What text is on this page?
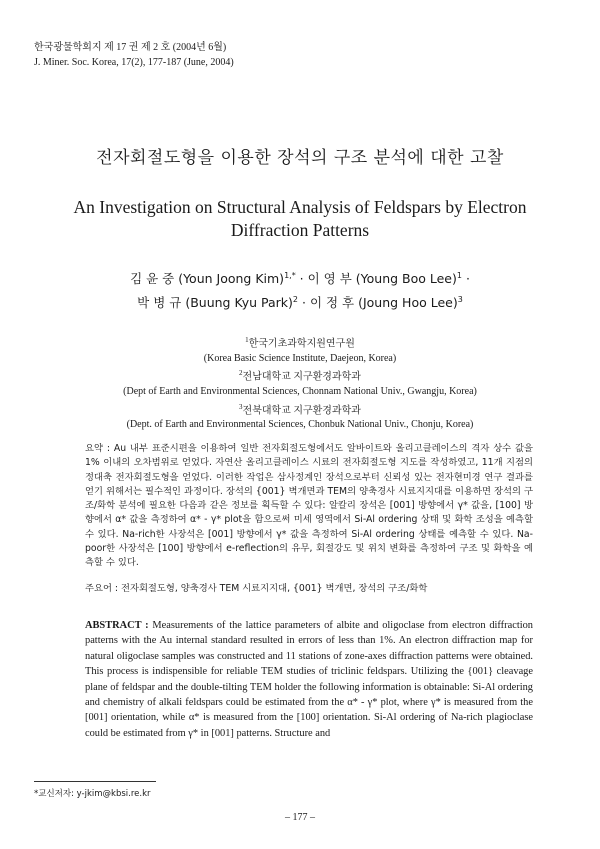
한국광물학회지 제 17 권 제 2 호 (2004년 6월)
J. Miner. Soc. Korea, 17(2), 177-187 (June, 2004)
전자회절도형을 이용한 장석의 구조 분석에 대한 고찰
An Investigation on Structural Analysis of Feldspars by Electron Diffraction Patterns
김 윤 중 (Youn Joong Kim)$^{1,*}$ · 이 영 부 (Young Boo Lee)$^1$ ·
박 병 규 (Buung Kyu Park)$^2$ · 이 정 후 (Joung Hoo Lee)$^3$
$^1$한국기초과학지원연구원
(Korea Basic Science Institute, Daejeon, Korea)
$^2$전남대학교 지구환경과학과
(Dept of Earth and Environmental Sciences, Chonnam National Univ., Gwangju, Korea)
$^3$전북대학교 지구환경과학과
(Dept. of Earth and Environmental Sciences, Chonbuk National Univ., Chonju, Korea)
요약 : Au 내부 표준시편을 이용하여 일반 전자회절도형에서도 알바이트와 올리고클레이스의 격자 상수 값을 1% 이내의 오차범위로 얻었다. 자연산 올리고클레이스 시료의 전자회절도형 지도를 작성하였고, 11개 지점의 정대축 전자회절도형을 얻었다. 이러한 작업은 삼사정계인 장석으로부터 신뢰성 있는 전자현미경 연구 결과를 얻기 위해서는 필수적인 과정이다. 장석의 {001} 벽개면과 TEM의 양축경사 시료지지대를 이용하면 장석의 구조/화학 분석에 필요한 다음과 같은 정보를 획득할 수 있다: 알칼리 장석은 [001] 방향에서 γ* 값을, [100] 방향에서 α* 값을 측정하여 α* - γ* plot을 함으로써 미세 영역에서 Si-Al ordering 상태 및 화학 조성을 예측할 수 있다. Na-rich한 사장석은 [001] 방향에서 γ* 값을 측정하여 Si-Al ordering 상태를 예측할 수 있다. Na-poor한 사장석은 [100] 방향에서 e-reflection의 유무, 회절강도 및 위치 변화를 측정하여 구조 및 화학을 예측할 수 있다.
주요어 : 전자회절도형, 양축경사 TEM 시료지지대, {001} 벽개면, 장석의 구조/화학
ABSTRACT : Measurements of the lattice parameters of albite and oligoclase from electron diffraction patterns with the Au internal standard resulted in errors of less than 1%. An electron diffraction map for natural oligoclase samples was constructed and 11 stations of zone-axes diffraction patterns were obtained. This process is indispensible for reliable TEM studies of triclinic feldspars. Utilizing the {001} cleavage plane of feldspar and the double-tilting TEM holder the following information is obtainable: Si-Al ordering and chemistry of alkali feldspars could be estimated from the α* - γ* plot, where γ* is measured from the [001] orientation, while α* is measured from the [100] orientation. Si-Al ordering of Na-rich plagioclase could be estimated from γ* in [001] patterns. Structure and
*교신저자: y-jkim@kbsi.re.kr
– 177 –
